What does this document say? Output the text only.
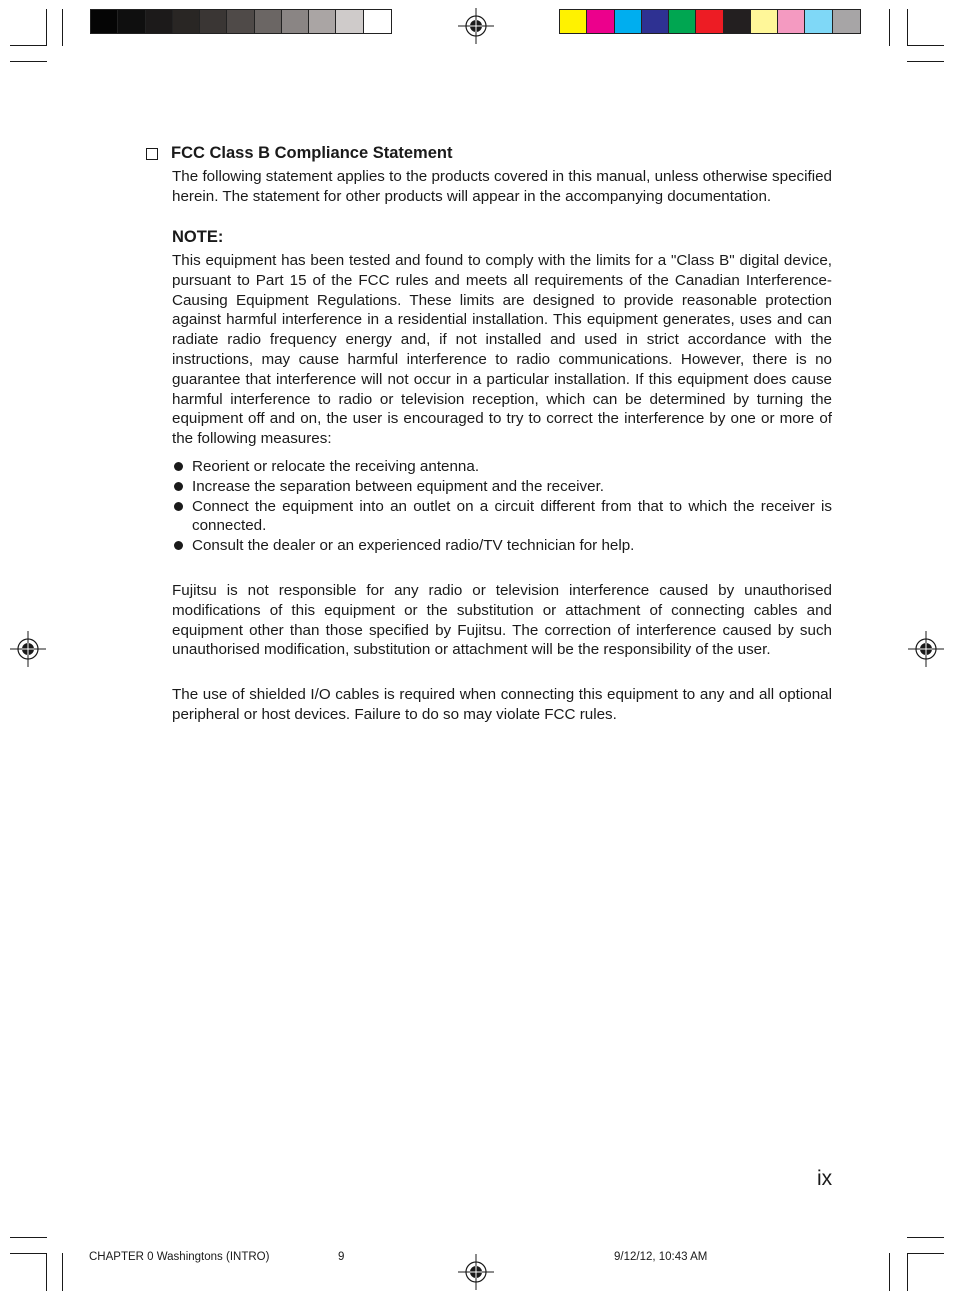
FCC Class B Compliance Statement

The following statement applies to the products covered in this manual, unless otherwise specified herein. The statement for other products will appear in the accompanying documentation.

NOTE:

This equipment has been tested and found to comply with the limits for a "Class B" digital device, pursuant to Part 15 of the FCC rules and meets all requirements of the Canadian Interference-Causing Equipment Regulations. These limits are designed to provide reasonable protection against harmful interference in a residential installation. This equipment generates, uses and can radiate radio frequency energy and, if not installed and used in strict accordance with the instructions, may cause harmful interference to radio communications. However, there is no guarantee that interference will not occur in a particular installation. If this equipment does cause harmful interference to radio or television reception, which can be determined by turning the equipment off and on, the user is encouraged to try to correct the interference by one or more of the following measures:

Reorient or relocate the receiving antenna.
Increase the separation between equipment and the receiver.
Connect the equipment into an outlet on a circuit different from that to which the receiver is connected.
Consult the dealer or an experienced radio/TV technician for help.

Fujitsu is not responsible for any radio or television interference caused by unauthorised modifications of this equipment or the substitution or attachment of connecting cables and equipment other than those specified by Fujitsu. The correction of interference caused by such unauthorised modification, substitution or attachment will be the responsibility of the user.

The use of shielded I/O cables is required when connecting this equipment to any and all optional peripheral or host devices. Failure to do so may violate FCC rules.

ix
CHAPTER 0 Washingtons (INTRO)	9	9/12/12, 10:43 AM
